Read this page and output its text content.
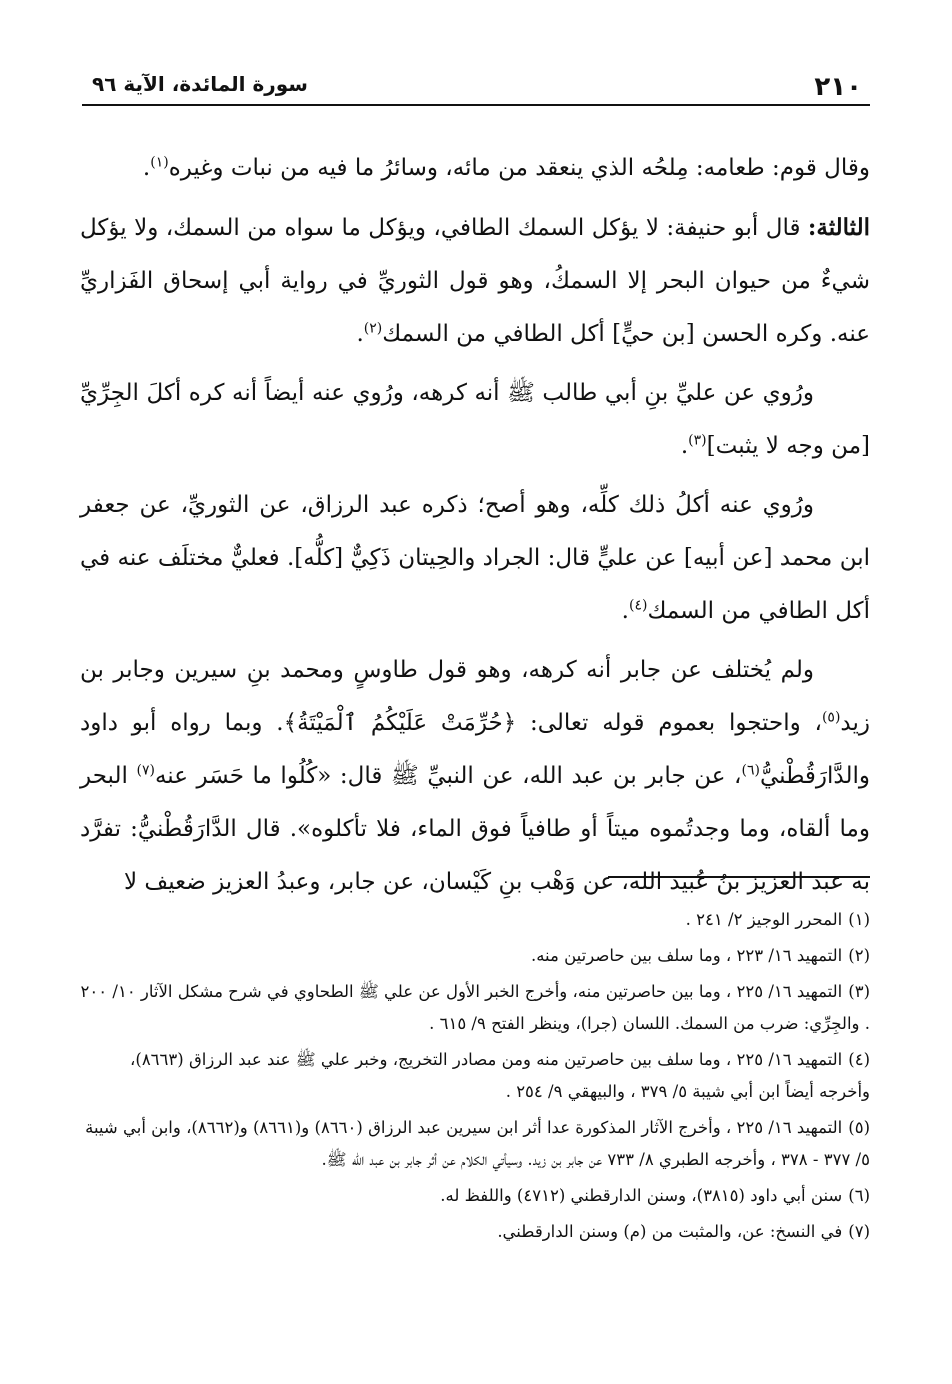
٢١٠
سورة المائدة، الآية ٩٦

وقال قوم: طعامه: مِلحُه الذي ينعقد من مائه، وسائرُ ما فيه من نبات وغيره$^{(١)}$.

الثالثة: قال أبو حنيفة: لا يؤكل السمك الطافي، ويؤكل ما سواه من السمك، ولا يؤكل شيءٌ من حيوان البحر إلا السمكُ، وهو قول الثوريِّ في رواية أبي إسحاق الفَزاريِّ عنه. وكره الحسن [بن حيٍّ] أكل الطافي من السمك$^{(٢)}$.

ورُوي عن عليِّ بنِ أبي طالب ﷺ أنه كرهه، ورُوي عنه أيضاً أنه كره أكلَ الجِرِّيِّ [من وجه لا يثبت]$^{(٣)}$.

ورُوي عنه أكلُ ذلك كلِّه، وهو أصح؛ ذكره عبد الرزاق، عن الثوريِّ، عن جعفر ابن محمد [عن أبيه] عن عليٍّ قال: الجراد والحِيتان ذَكِيٌّ [كلُّه]. فعليٌّ مختلَف عنه في أكل الطافي من السمك$^{(٤)}$.

ولم يُختلف عن جابر أنه كرهه، وهو قول طاوسٍ ومحمد بنِ سيرين وجابر بن زيد$^{(٥)}$، واحتجوا بعموم قوله تعالى: ﴿حُرِّمَتْ عَلَيْكُمُ ٱلْمَيْتَةُ﴾. وبما رواه أبو داود والدَّارَقُطْنيُّ$^{(٦)}$، عن جابر بن عبد الله، عن النبيِّ ﷺ قال: «كُلُوا ما حَسَر عنه$^{(٧)}$ البحر وما ألقاه، وما وجدتُموه ميتاً أو طافياً فوق الماء، فلا تأكلوه». قال الدَّارَقُطْنيُّ: تفرَّد به عبد العزيز بنُ عُبيد الله، عن وَهْب بنِ كَيْسان، عن جابر، وعبدُ العزيز ضعيف لا

(١)المحرر الوجيز ٢/ ٢٤١ .
(٢)التمهيد ١٦/ ٢٢٣ ، وما سلف بين حاصرتين منه.
(٣)التمهيد ١٦/ ٢٢٥ ، وما بين حاصرتين منه، وأخرج الخبر الأول عن علي ﷺ الطحاوي في شرح مشكل الآثار ١٠/ ٢٠٠ . والجِرِّي: ضرب من السمك. اللسان (جرا)، وينظر الفتح ٩/ ٦١٥ .
(٤)التمهيد ١٦/ ٢٢٥ ، وما سلف بين حاصرتين منه ومن مصادر التخريج، وخبر علي ﷺ عند عبد الرزاق (٨٦٦٣)، وأخرجه أيضاً ابن أبي شيبة ٥/ ٣٧٩ ، والبيهقي ٩/ ٢٥٤ .
(٥)التمهيد ١٦/ ٢٢٥ ، وأخرج الآثار المذكورة عدا أثر ابن سيرين عبد الرزاق (٨٦٦٠) و(٨٦٦١) و(٨٦٦٢)، وابن أبي شيبة ٥/ ٣٧٧ - ٣٧٨ ، وأخرجه الطبري ٨/ ٧٣٣ عن جابر بن زيد. وسيأتي الكلام عن أثر جابر بن عبد الله ﷺ.
(٦)سنن أبي داود (٣٨١٥)، وسنن الدارقطني (٤٧١٢) واللفظ له.
(٧)في النسخ: عن، والمثبت من (م) وسنن الدارقطني.
